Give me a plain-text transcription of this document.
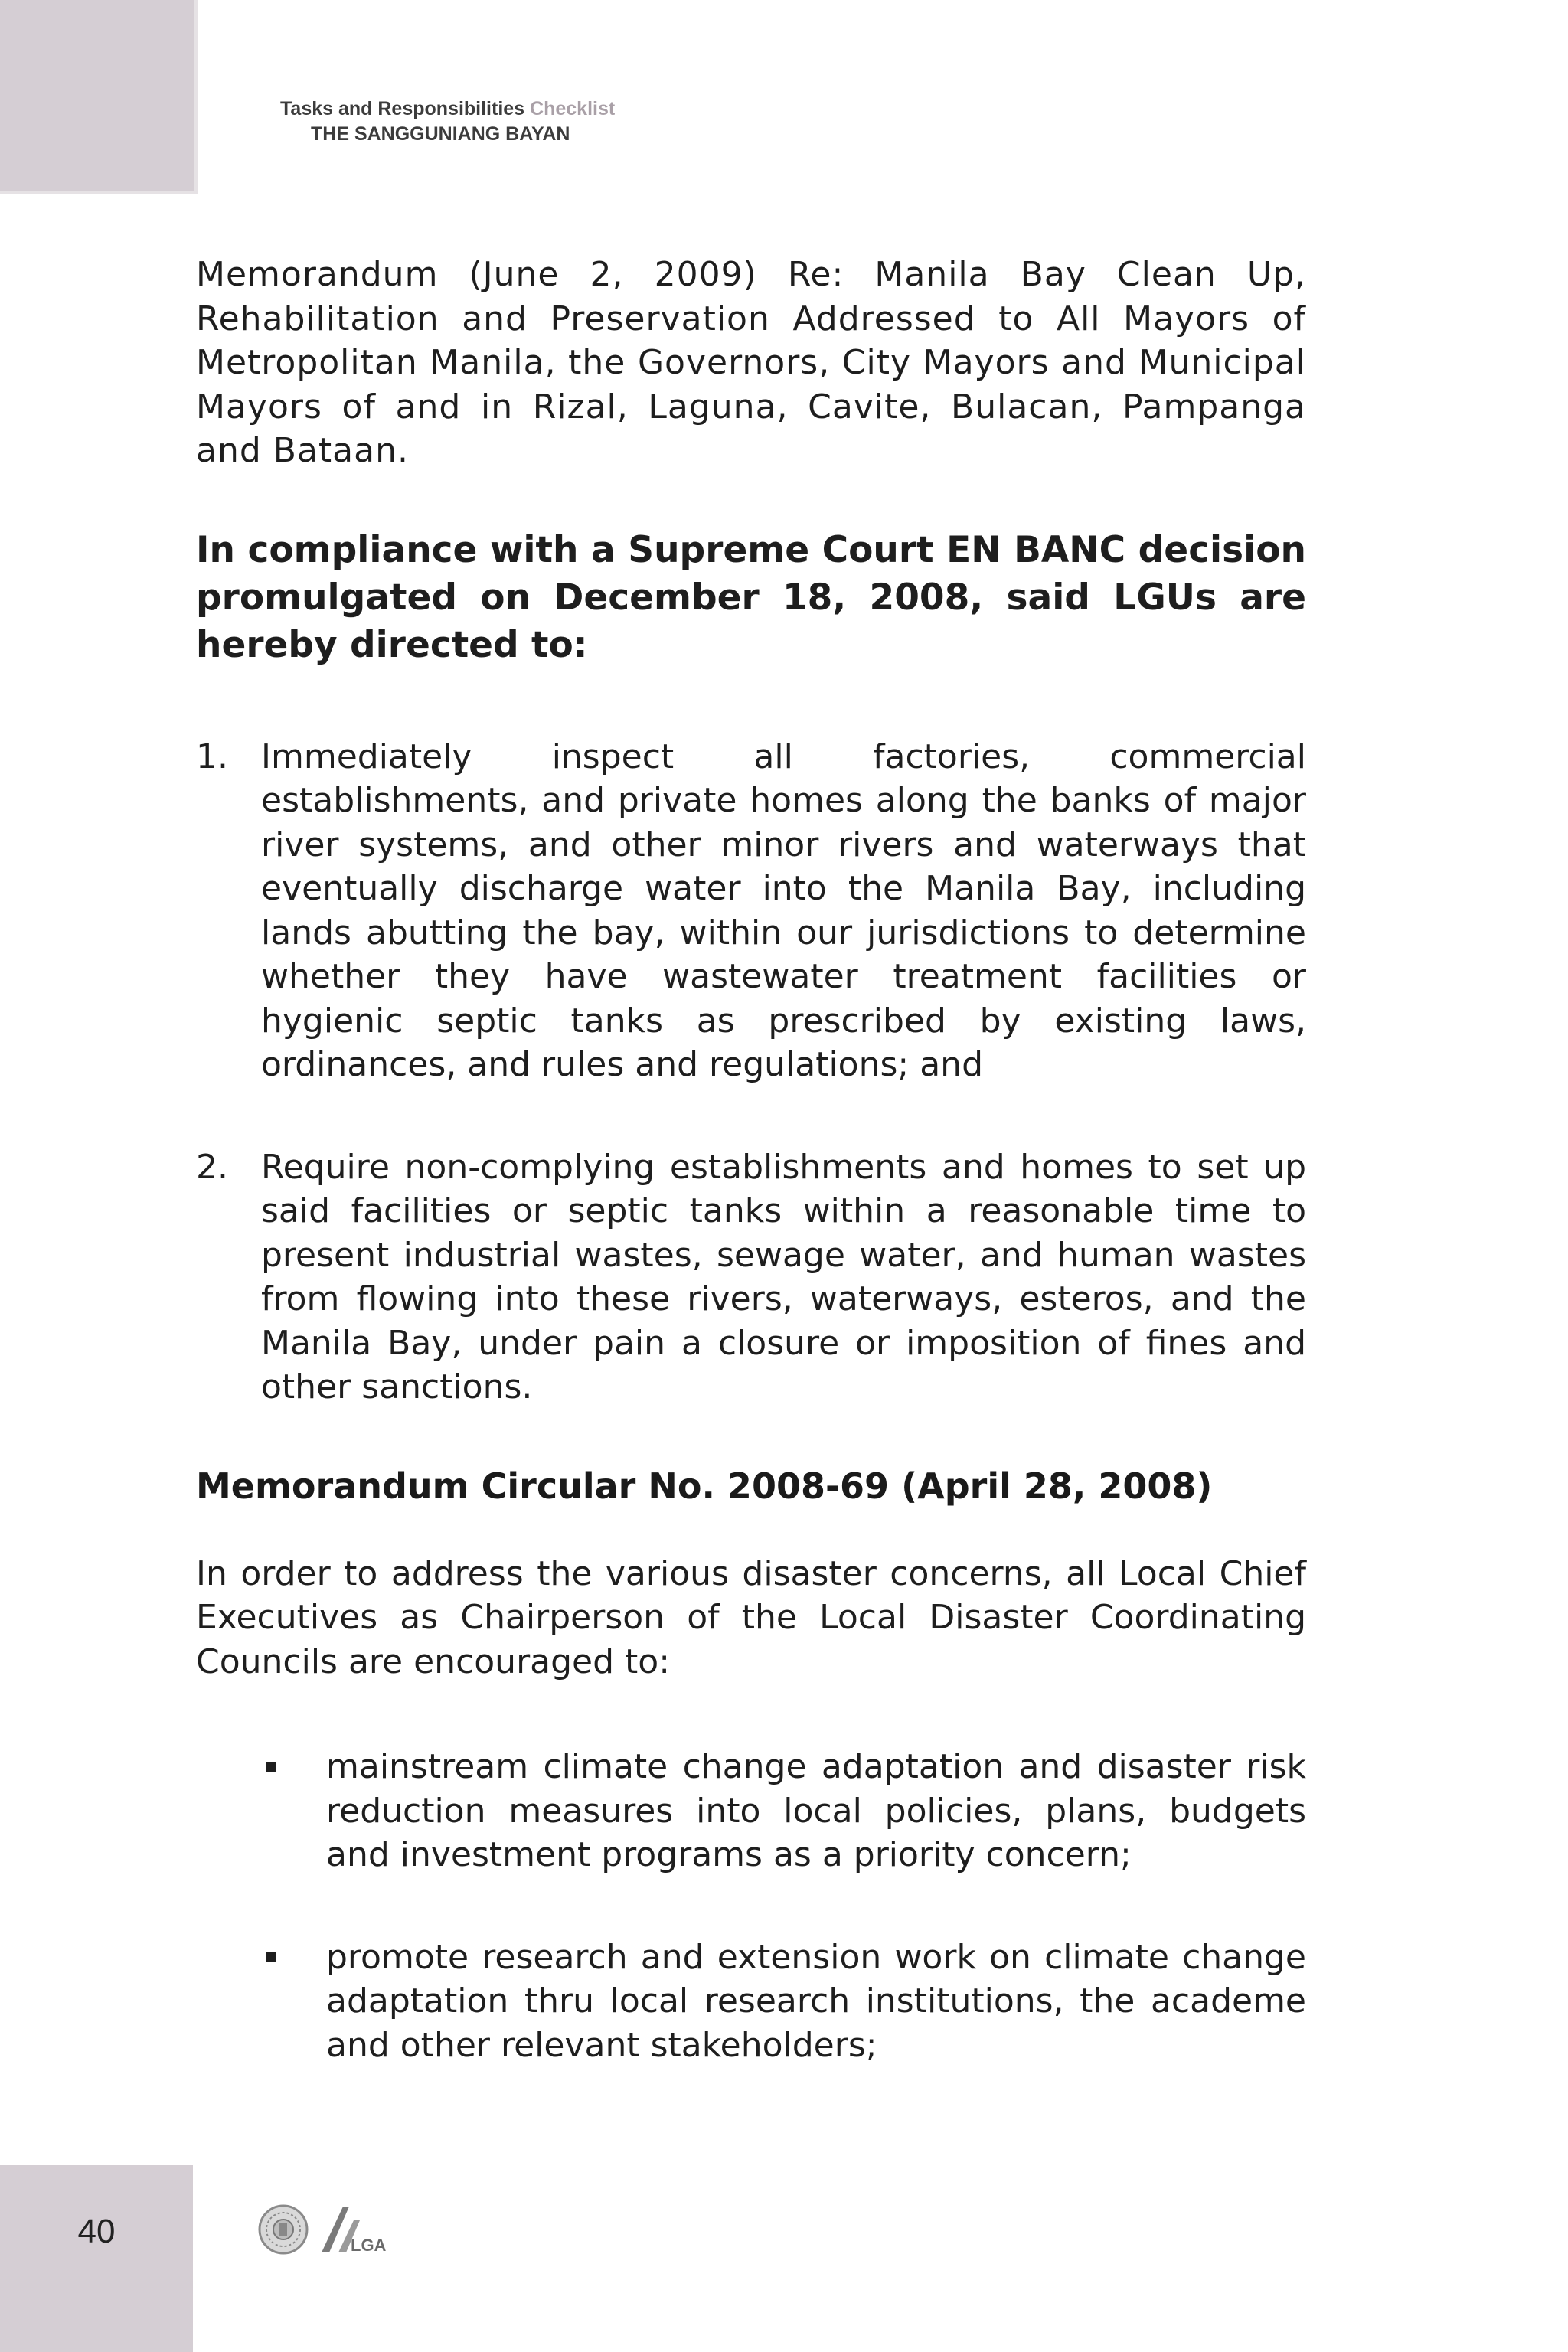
Tasks and Responsibilities Checklist
THE SANGGUNIANG BAYAN

Memorandum (June 2, 2009) Re: Manila Bay Clean Up, Rehabilitation and Preservation Addressed to All Mayors of Metropolitan Manila, the Governors, City Mayors and Municipal Mayors of and in Rizal, Laguna, Cavite, Bulacan, Pampanga and Bataan.

In compliance with a Supreme Court EN BANC decision promulgated on December 18, 2008, said LGUs are hereby directed to:

1. Immediately inspect all factories, commercial establishments, and private homes along the banks of major river systems, and other minor rivers and waterways that eventually discharge water into the Manila Bay, including lands abutting the bay, within our jurisdictions to determine whether they have wastewater treatment facilities or hygienic septic tanks as prescribed by existing laws, ordinances, and rules and regulations; and
2. Require non-complying establishments and homes to set up said facilities or septic tanks within a reasonable time to present industrial wastes, sewage water, and human wastes from flowing into these rivers, waterways, esteros, and the Manila Bay, under pain a closure or imposition of fines and other sanctions.

Memorandum Circular No. 2008-69 (April 28, 2008)

In order to address the various disaster concerns, all Local Chief Executives as Chairperson of the Local Disaster Coordinating Councils are encouraged to:

mainstream climate change adaptation and disaster risk reduction measures into local policies, plans, budgets and investment programs as a priority concern;
promote research and extension work on climate change adaptation thru local research institutions, the academe and other relevant stakeholders;
40	LGA
